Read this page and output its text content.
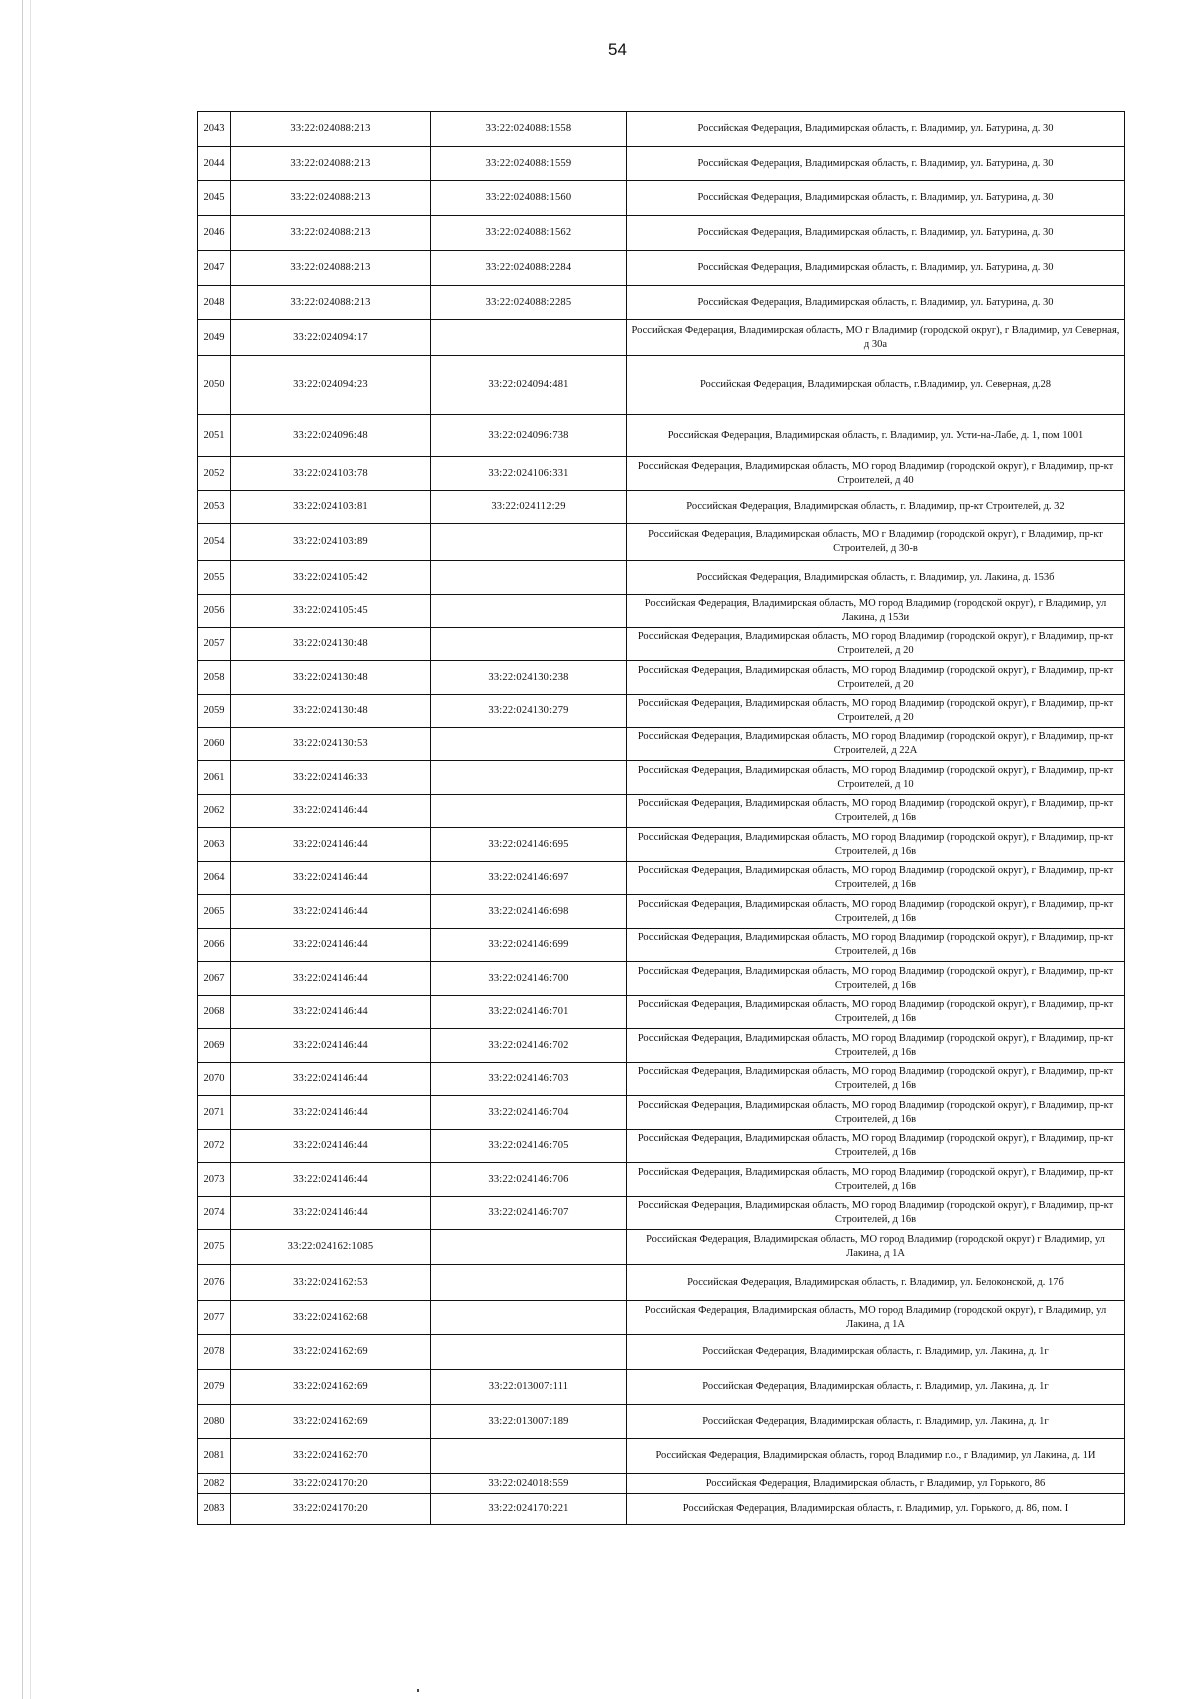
54
2043	33:22:024088:213	33:22:024088:1558	Российская Федерация, Владимирская область, г. Владимир, ул. Батурина, д. 30
2044	33:22:024088:213	33:22:024088:1559	Российская Федерация, Владимирская область, г. Владимир, ул. Батурина, д. 30
2045	33:22:024088:213	33:22:024088:1560	Российская Федерация, Владимирская область, г. Владимир, ул. Батурина, д. 30
2046	33:22:024088:213	33:22:024088:1562	Российская Федерация, Владимирская область, г. Владимир, ул. Батурина, д. 30
2047	33:22:024088:213	33:22:024088:2284	Российская Федерация, Владимирская область, г. Владимир, ул. Батурина, д. 30
2048	33:22:024088:213	33:22:024088:2285	Российская Федерация, Владимирская область, г. Владимир, ул. Батурина, д. 30
2049	33:22:024094:17		Российская Федерация, Владимирская область, МО г Владимир (городской округ), г Владимир, ул Северная, д 30а
2050	33:22:024094:23	33:22:024094:481	Российская Федерация, Владимирская область, г.Владимир, ул. Северная, д.28
2051	33:22:024096:48	33:22:024096:738	Российская Федерация, Владимирская область, г. Владимир, ул. Усти-на-Лабе, д. 1, пом 1001
2052	33:22:024103:78	33:22:024106:331	Российская Федерация, Владимирская область, МО город Владимир (городской округ), г Владимир, пр-кт Строителей, д 40
2053	33:22:024103:81	33:22:024112:29	Российская Федерация, Владимирская область, г. Владимир, пр-кт Строителей, д. 32
2054	33:22:024103:89		Российская Федерация, Владимирская область, МО г Владимир (городской округ), г Владимир, пр-кт Строителей, д 30-в
2055	33:22:024105:42		Российская Федерация, Владимирская область, г. Владимир, ул. Лакина, д. 153б
2056	33:22:024105:45		Российская Федерация, Владимирская область, МО город Владимир (городской округ), г Владимир, ул Лакина, д 153и
2057	33:22:024130:48		Российская Федерация, Владимирская область, МО город Владимир (городской округ), г Владимир, пр-кт Строителей, д 20
2058	33:22:024130:48	33:22:024130:238	Российская Федерация, Владимирская область, МО город Владимир (городской округ), г Владимир, пр-кт Строителей, д 20
2059	33:22:024130:48	33:22:024130:279	Российская Федерация, Владимирская область, МО город Владимир (городской округ), г Владимир, пр-кт Строителей, д 20
2060	33:22:024130:53		Российская Федерация, Владимирская область, МО город Владимир (городской округ), г Владимир, пр-кт Строителей, д 22А
2061	33:22:024146:33		Российская Федерация, Владимирская область, МО город Владимир (городской округ), г Владимир, пр-кт Строителей, д 10
2062	33:22:024146:44		Российская Федерация, Владимирская область, МО город Владимир (городской округ), г Владимир, пр-кт Строителей, д 16в
2063	33:22:024146:44	33:22:024146:695	Российская Федерация, Владимирская область, МО город Владимир (городской округ), г Владимир, пр-кт Строителей, д 16в
2064	33:22:024146:44	33:22:024146:697	Российская Федерация, Владимирская область, МО город Владимир (городской округ), г Владимир, пр-кт Строителей, д 16в
2065	33:22:024146:44	33:22:024146:698	Российская Федерация, Владимирская область, МО город Владимир (городской округ), г Владимир, пр-кт Строителей, д 16в
2066	33:22:024146:44	33:22:024146:699	Российская Федерация, Владимирская область, МО город Владимир (городской округ), г Владимир, пр-кт Строителей, д 16в
2067	33:22:024146:44	33:22:024146:700	Российская Федерация, Владимирская область, МО город Владимир (городской округ), г Владимир, пр-кт Строителей, д 16в
2068	33:22:024146:44	33:22:024146:701	Российская Федерация, Владимирская область, МО город Владимир (городской округ), г Владимир, пр-кт Строителей, д 16в
2069	33:22:024146:44	33:22:024146:702	Российская Федерация, Владимирская область, МО город Владимир (городской округ), г Владимир, пр-кт Строителей, д 16в
2070	33:22:024146:44	33:22:024146:703	Российская Федерация, Владимирская область, МО город Владимир (городской округ), г Владимир, пр-кт Строителей, д 16в
2071	33:22:024146:44	33:22:024146:704	Российская Федерация, Владимирская область, МО город Владимир (городской округ), г Владимир, пр-кт Строителей, д 16в
2072	33:22:024146:44	33:22:024146:705	Российская Федерация, Владимирская область, МО город Владимир (городской округ), г Владимир, пр-кт Строителей, д 16в
2073	33:22:024146:44	33:22:024146:706	Российская Федерация, Владимирская область, МО город Владимир (городской округ), г Владимир, пр-кт Строителей, д 16в
2074	33:22:024146:44	33:22:024146:707	Российская Федерация, Владимирская область, МО город Владимир (городской округ), г Владимир, пр-кт Строителей, д 16в
2075	33:22:024162:1085		Российская Федерация, Владимирская область, МО город Владимир (городской округ) г Владимир, ул Лакина, д 1А
2076	33:22:024162:53		Российская Федерация, Владимирская область, г. Владимир, ул. Белоконской, д. 17б
2077	33:22:024162:68		Российская Федерация, Владимирская область, МО город Владимир (городской округ), г Владимир, ул Лакина, д 1А
2078	33:22:024162:69		Российская Федерация, Владимирская область, г. Владимир, ул. Лакина, д. 1г
2079	33:22:024162:69	33:22:013007:111	Российская Федерация, Владимирская область, г. Владимир, ул. Лакина, д. 1г
2080	33:22:024162:69	33:22:013007:189	Российская Федерация, Владимирская область, г. Владимир, ул. Лакина, д. 1г
2081	33:22:024162:70		Российская Федерация, Владимирская область, город Владимир г.о., г Владимир, ул Лакина, д. 1И
2082	33:22:024170:20	33:22:024018:559	Российская Федерация, Владимирская область, г Владимир, ул Горького, 86
2083	33:22:024170:20	33:22:024170:221	Российская Федерация, Владимирская область, г. Владимир, ул. Горького, д. 86, пом. I
